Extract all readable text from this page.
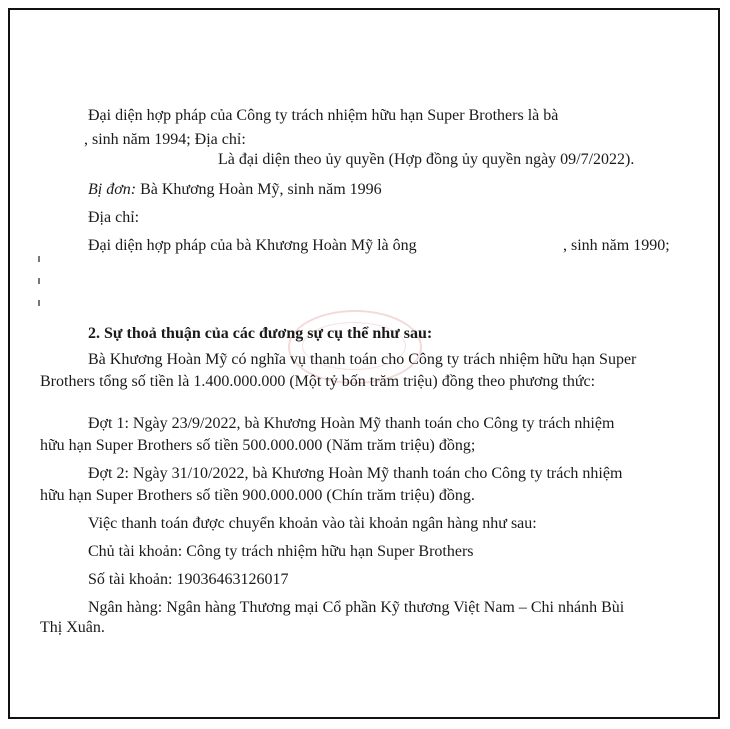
Đại diện hợp pháp của Công ty trách nhiệm hữu hạn Super Brothers là bà
, sinh năm 1994; Địa chỉ:
Là đại diện theo ủy quyền (Hợp đồng ủy quyền ngày 09/7/2022).
Bị đơn: Bà Khương Hoàn Mỹ, sinh năm 1996
Địa chỉ:
Đại diện hợp pháp của bà Khương Hoàn Mỹ là ông	, sinh năm 1990;
2. Sự thoả thuận của các đương sự cụ thể như sau:
Bà Khương Hoàn Mỹ có nghĩa vụ thanh toán cho Công ty trách nhiệm hữu hạn Super
Brothers tổng số tiền là 1.400.000.000 (Một tỷ bốn trăm triệu) đồng theo phương thức:
Đợt 1: Ngày 23/9/2022, bà Khương Hoàn Mỹ thanh toán cho Công ty trách nhiệm
hữu hạn Super Brothers số tiền 500.000.000 (Năm trăm triệu) đồng;
Đợt 2: Ngày 31/10/2022, bà Khương Hoàn Mỹ thanh toán cho Công ty trách nhiệm
hữu hạn Super Brothers số tiền 900.000.000 (Chín trăm triệu) đồng.
Việc thanh toán được chuyển khoản vào tài khoản ngân hàng như sau:
Chủ tài khoản: Công ty trách nhiệm hữu hạn Super Brothers
Số tài khoản: 19036463126017
Ngân hàng: Ngân hàng Thương mại Cổ phần Kỹ thương Việt Nam – Chi nhánh Bùi
Thị Xuân.
